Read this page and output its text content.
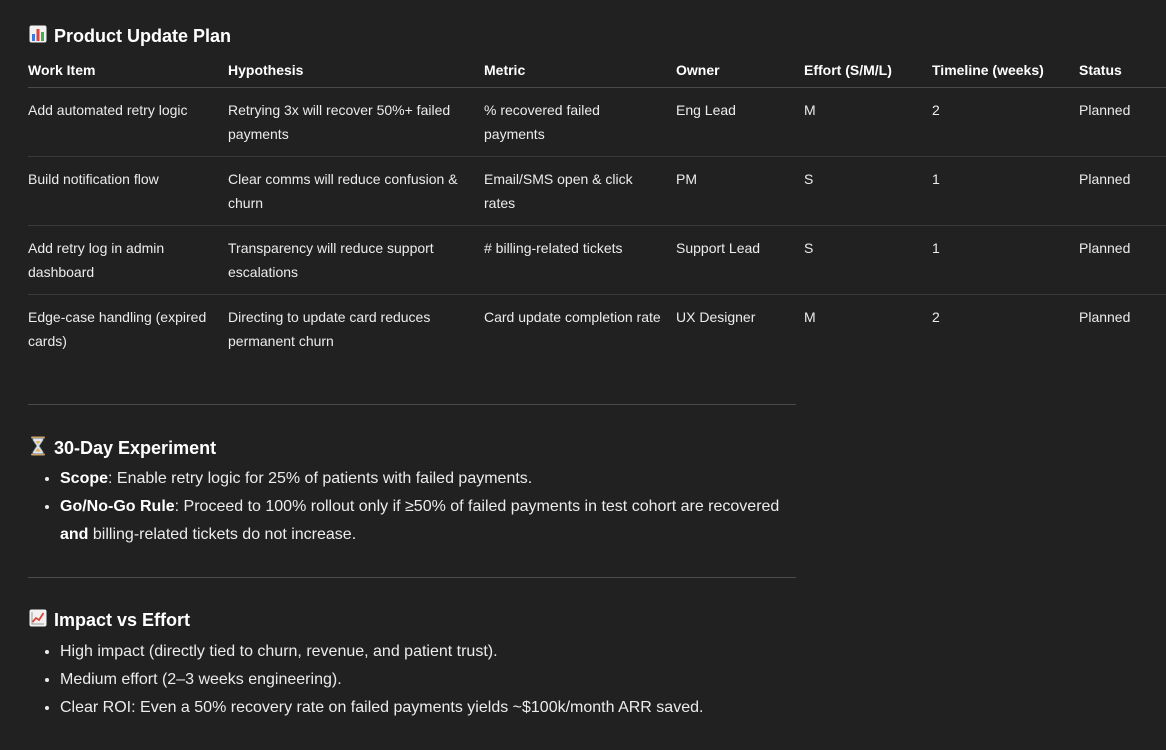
Product Update Plan
Work Item	Hypothesis	Metric	Owner	Effort (S/M/L)	Timeline (weeks)	Status

Add automated retry logic	Retrying 3x will recover 50%+ failed payments	% recovered failed payments	Eng Lead	M	2	Planned

Build notification flow	Clear comms will reduce confusion & churn	Email/SMS open & click rates	PM	S	1	Planned

Add retry log in admin dashboard	Transparency will reduce support escalations	# billing-related tickets	Support Lead	S	1	Planned

Edge-case handling (expired cards)	Directing to update card reduces permanent churn	Card update completion rate	UX Designer	M	2	Planned
30-Day Experiment
• Scope: Enable retry logic for 25% of patients with failed payments.
• Go/No-Go Rule: Proceed to 100% rollout only if ≥50% of failed payments in test cohort are recovered and billing-related tickets do not increase.
Impact vs Effort
• High impact (directly tied to churn, revenue, and patient trust).
• Medium effort (2–3 weeks engineering).
• Clear ROI: Even a 50% recovery rate on failed payments yields ~$100k/month ARR saved.
